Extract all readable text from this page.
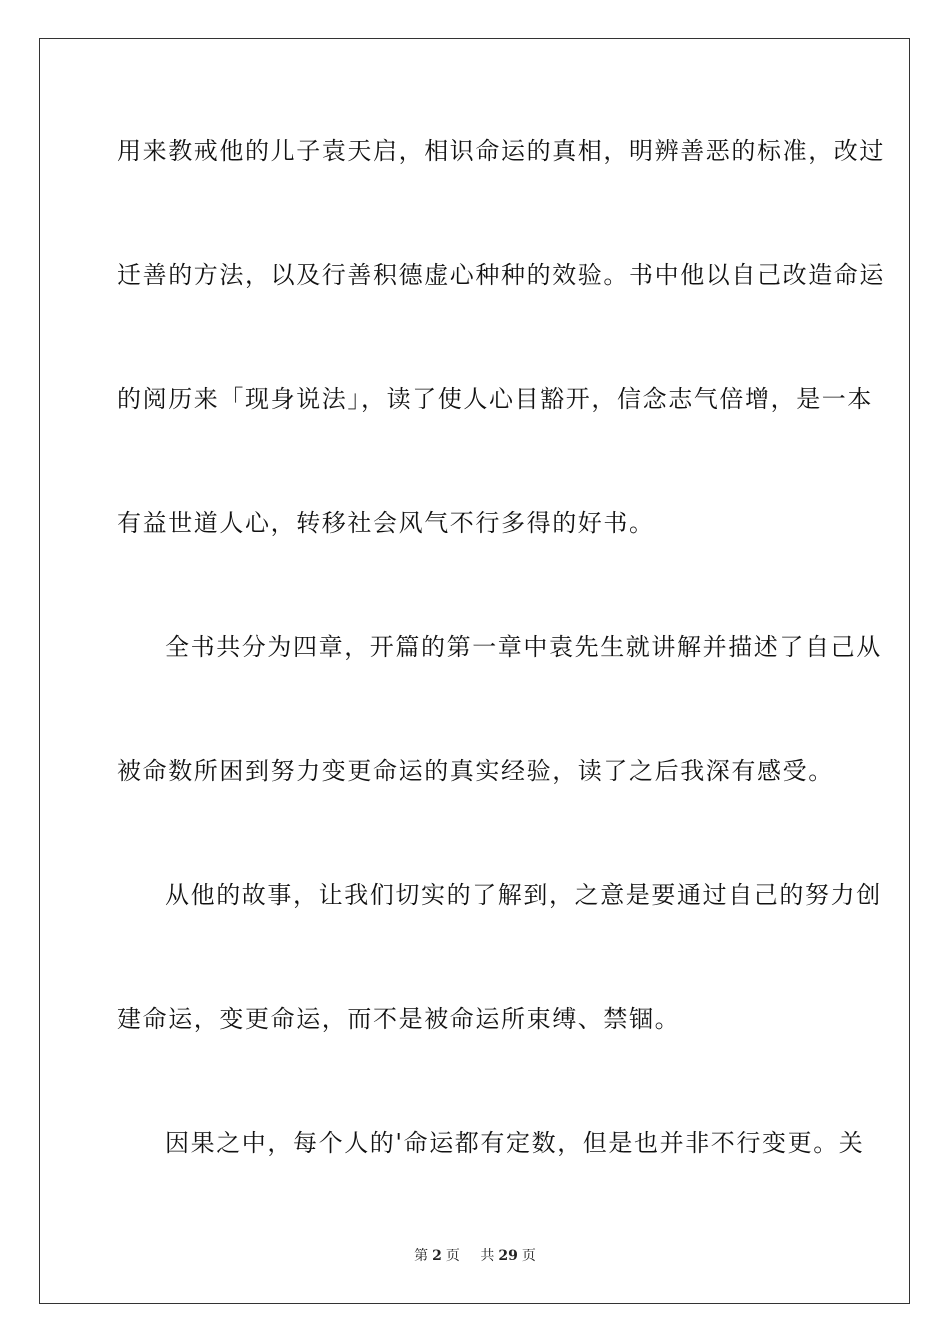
用来教戒他的儿子袁天启，相识命运的真相，明辨善恶的标准，改过
迁善的方法，以及行善积德虚心种种的效验。书中他以自己改造命运
的阅历来「现身说法」，读了使人心目豁开，信念志气倍增，是一本
有益世道人心，转移社会风气不行多得的好书。
全书共分为四章，开篇的第一章中袁先生就讲解并描述了自己从
被命数所困到努力变更命运的真实经验，读了之后我深有感受。
从他的故事，让我们切实的了解到，之意是要通过自己的努力创
建命运，变更命运，而不是被命运所束缚、禁锢。
因果之中，每个人的'命运都有定数，但是也并非不行变更。关
第 2 页 共 29 页
